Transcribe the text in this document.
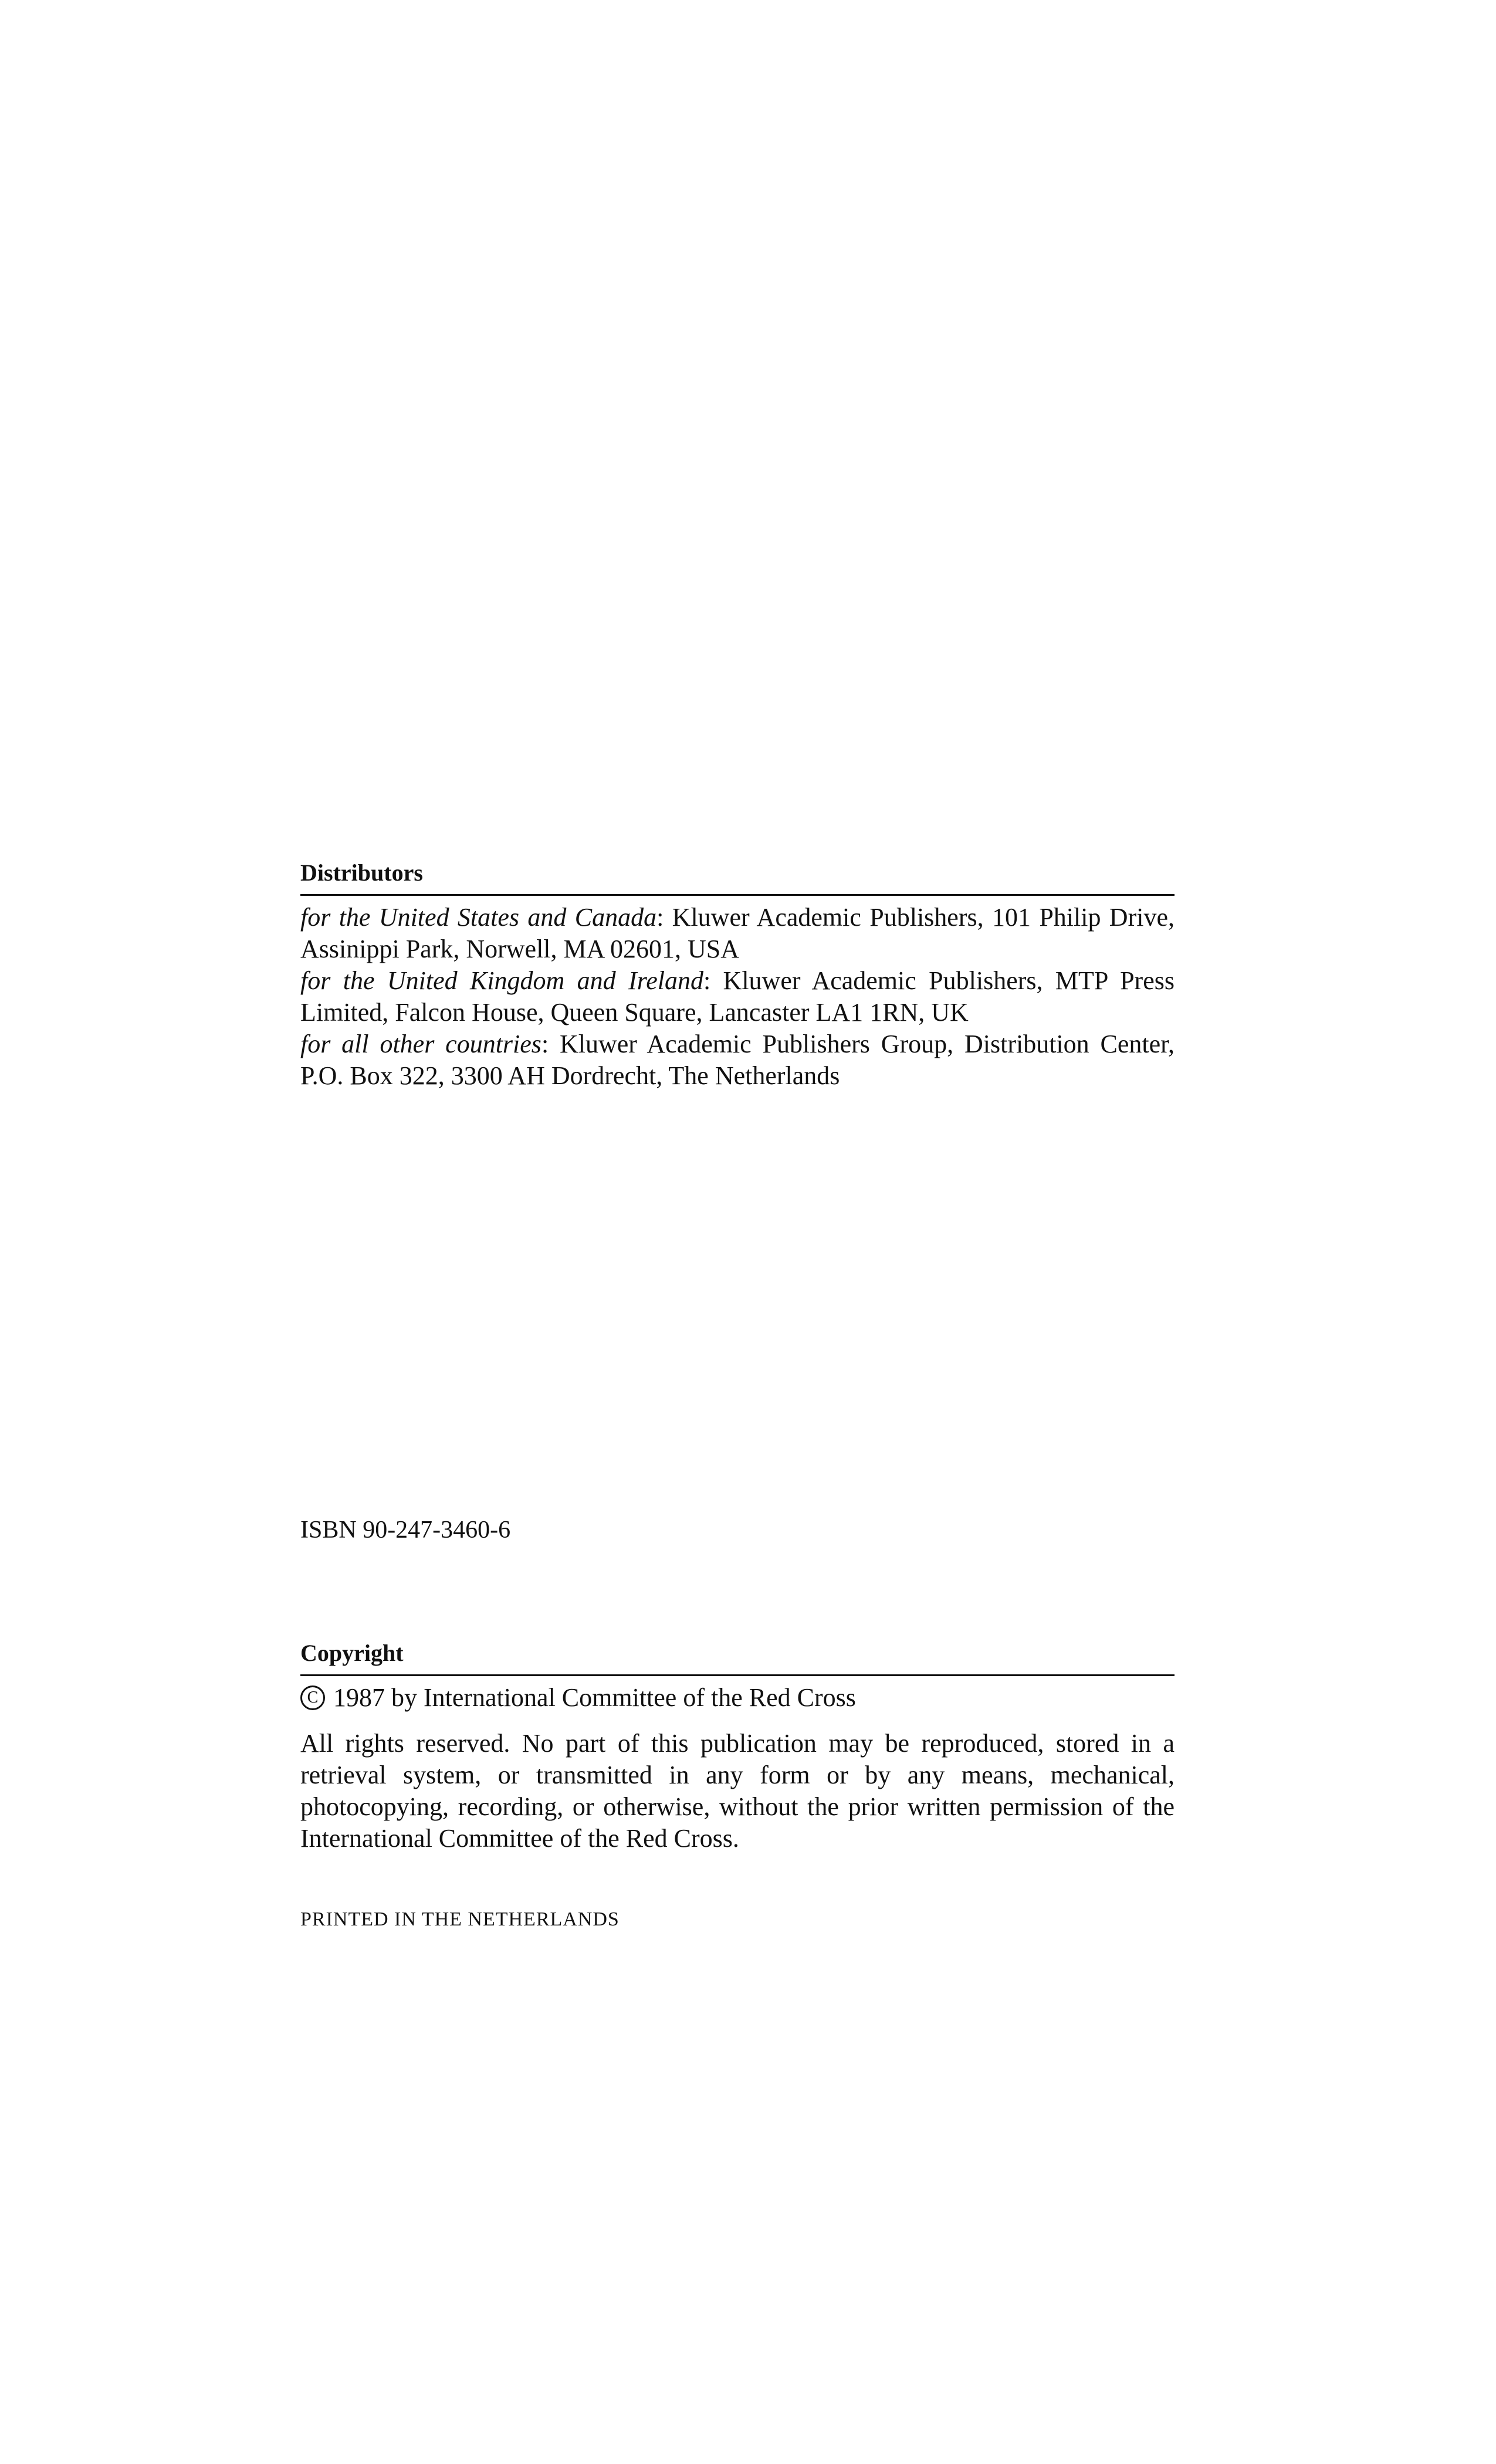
Distributors
for the United States and Canada: Kluwer Academic Publishers, 101 Philip Drive, Assinippi Park, Norwell, MA 02601, USA
for the United Kingdom and Ireland: Kluwer Academic Publishers, MTP Press Limited, Falcon House, Queen Square, Lancaster LA1 1RN, UK
for all other countries: Kluwer Academic Publishers Group, Distribution Center, P.O. Box 322, 3300 AH Dordrecht, The Netherlands
ISBN 90-247-3460-6
Copyright
C 1987 by International Committee of the Red Cross

All rights reserved. No part of this publication may be reproduced, stored in a retrieval system, or transmitted in any form or by any means, mechanical, photocopying, recording, or otherwise, without the prior written permission of the International Committee of the Red Cross.

PRINTED IN THE NETHERLANDS
